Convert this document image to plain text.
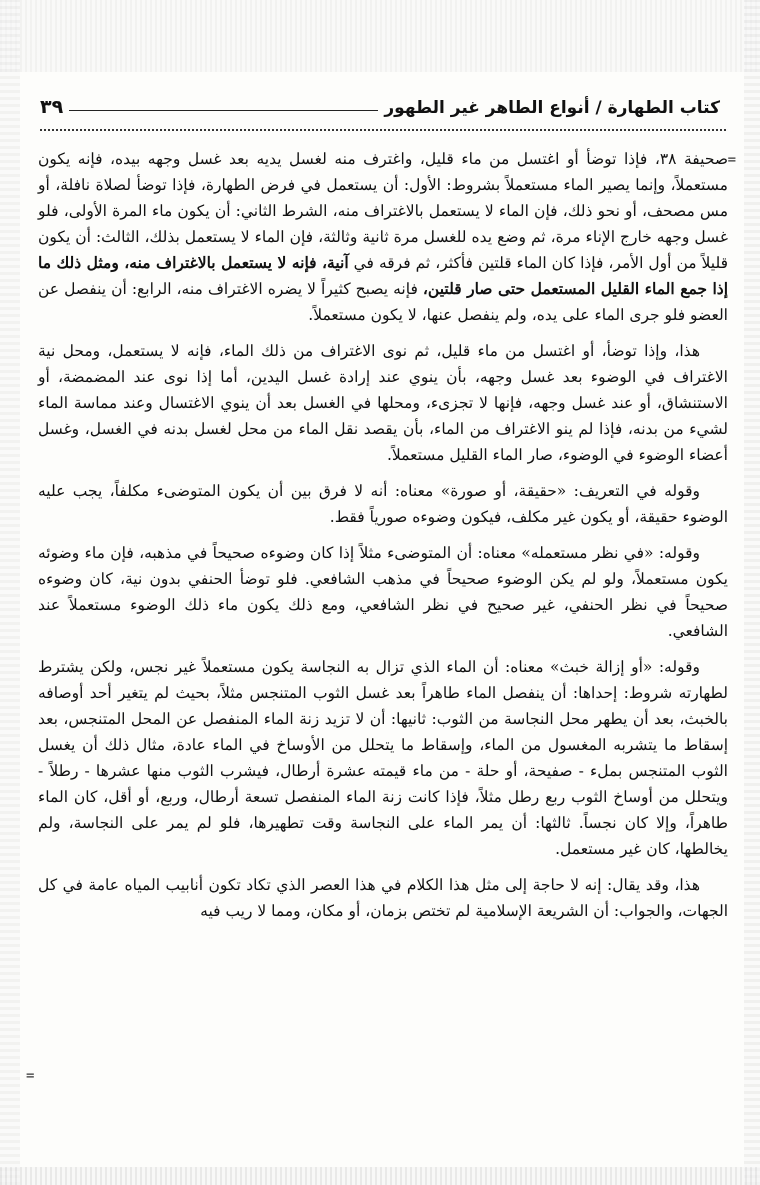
كتاب الطهارة / أنواع الطاهر غير الطهور
٣٩
=
=

صحيفة ٣٨، فإذا توضأ أو اغتسل من ماء قليل، واغترف منه لغسل يديه بعد غسل وجهه بيده، فإنه يكون مستعملاً، وإنما يصير الماء مستعملاً بشروط: الأول: أن يستعمل في فرض الطهارة، فإذا توضأ لصلاة نافلة، أو مس مصحف، أو نحو ذلك، فإن الماء لا يستعمل بالاغتراف منه، الشرط الثاني: أن يكون ماء المرة الأولى، فلو غسل وجهه خارج الإناء مرة، ثم وضع يده للغسل مرة ثانية وثالثة، فإن الماء لا يستعمل بذلك، الثالث: أن يكون قليلاً من أول الأمر، فإذا كان الماء قلتين فأكثر، ثم فرقه في آنية، فإنه لا يستعمل بالاغتراف منه، ومثل ذلك ما إذا جمع الماء القليل المستعمل حتى صار قلتين، فإنه يصبح كثيراً لا يضره الاغتراف منه، الرابع: أن ينفصل عن العضو فلو جرى الماء على يده، ولم ينفصل عنها، لا يكون مستعملاً.

هذا، وإذا توضأ، أو اغتسل من ماء قليل، ثم نوى الاغتراف من ذلك الماء، فإنه لا يستعمل، ومحل نية الاغتراف في الوضوء بعد غسل وجهه، بأن ينوي عند إرادة غسل اليدين، أما إذا نوى عند المضمضة، أو الاستنشاق، أو عند غسل وجهه، فإنها لا تجزىء، ومحلها في الغسل بعد أن ينوي الاغتسال وعند مماسة الماء لشيء من بدنه، فإذا لم ينو الاغتراف من الماء، بأن يقصد نقل الماء من محل لغسل بدنه في الغسل، وغسل أعضاء الوضوء في الوضوء، صار الماء القليل مستعملاً.

وقوله في التعريف: «حقيقة، أو صورة» معناه: أنه لا فرق بين أن يكون المتوضىء مكلفاً، يجب عليه الوضوء حقيقة، أو يكون غير مكلف، فيكون وضوءه صورياً فقط.

وقوله: «في نظر مستعمله» معناه: أن المتوضىء مثلاً إذا كان وضوءه صحيحاً في مذهبه، فإن ماء وضوئه يكون مستعملاً، ولو لم يكن الوضوء صحيحاً في مذهب الشافعي. فلو توضأ الحنفي بدون نية، كان وضوءه صحيحاً في نظر الحنفي، غير صحيح في نظر الشافعي، ومع ذلك يكون ماء ذلك الوضوء مستعملاً عند الشافعي.

وقوله: «أو إزالة خبث» معناه: أن الماء الذي تزال به النجاسة يكون مستعملاً غير نجس، ولكن يشترط لطهارته شروط: إحداها: أن ينفصل الماء طاهراً بعد غسل الثوب المتنجس مثلاً، بحيث لم يتغير أحد أوصافه بالخبث، بعد أن يطهر محل النجاسة من الثوب: ثانيها: أن لا تزيد زنة الماء المنفصل عن المحل المتنجس، بعد إسقاط ما يتشربه المغسول من الماء، وإسقاط ما يتحلل من الأوساخ في الماء عادة، مثال ذلك أن يغسل الثوب المتنجس بملء - صفيحة، أو حلة - من ماء قيمته عشرة أرطال، فيشرب الثوب منها عشرها - رطلاً - ويتحلل من أوساخ الثوب ربع رطل مثلاً، فإذا كانت زنة الماء المنفصل تسعة أرطال، وربع، أو أقل، كان الماء طاهراً، وإلا كان نجساً. ثالثها: أن يمر الماء على النجاسة وقت تطهيرها، فلو لم يمر على النجاسة، ولم يخالطها، كان غير مستعمل.

هذا، وقد يقال: إنه لا حاجة إلى مثل هذا الكلام في هذا العصر الذي تكاد تكون أنابيب المياه عامة في كل الجهات، والجواب: أن الشريعة الإسلامية لم تختص بزمان، أو مكان، ومما لا ريب فيه
